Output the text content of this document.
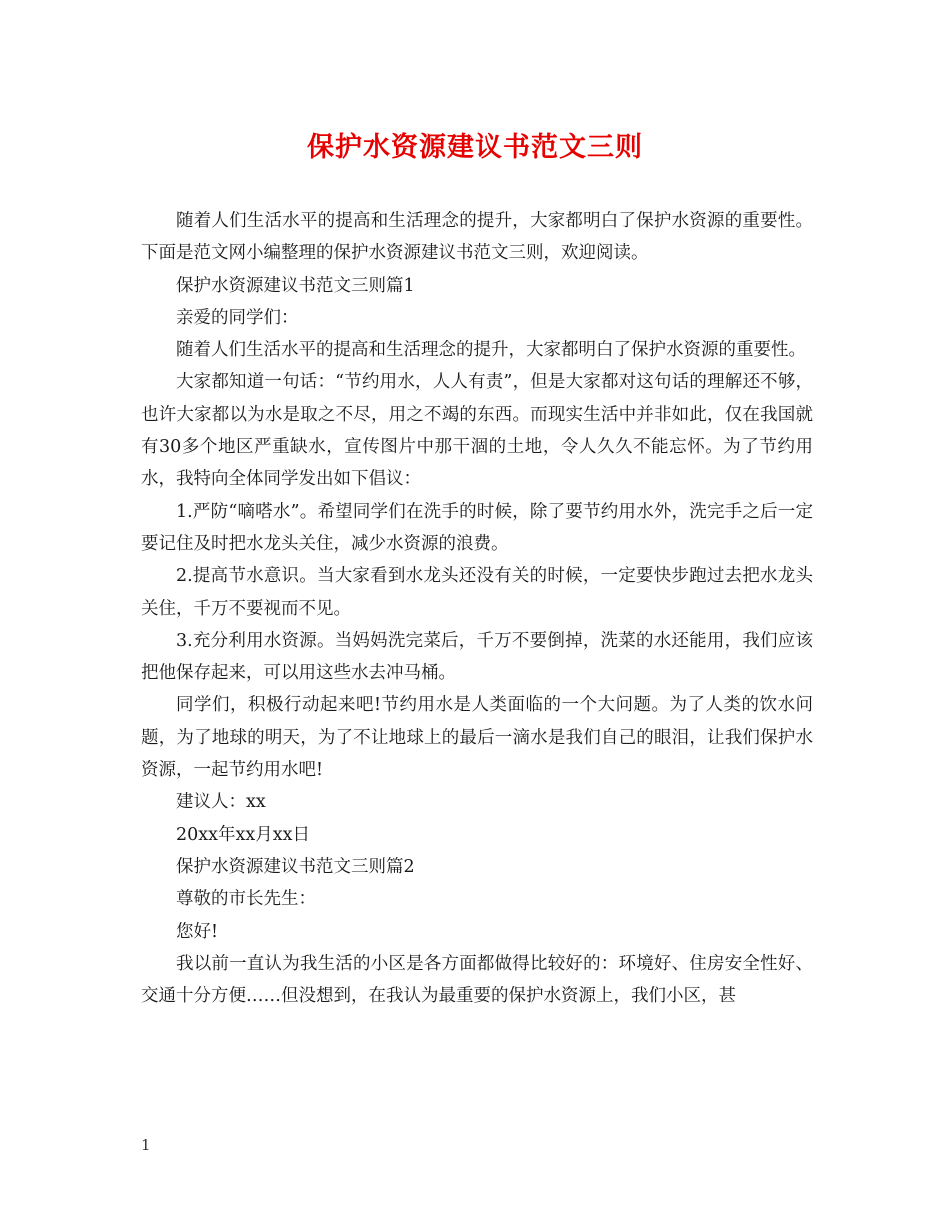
保护水资源建议书范文三则

随着人们生活水平的提高和生活理念的提升，大家都明白了保护水资源的重要性。下面是范文网小编整理的保护水资源建议书范文三则，欢迎阅读。

保护水资源建议书范文三则篇1

亲爱的同学们：

随着人们生活水平的提高和生活理念的提升，大家都明白了保护水资源的重要性。

大家都知道一句话：“节约用水，人人有责”，但是大家都对这句话的理解还不够，也许大家都以为水是取之不尽，用之不竭的东西。而现实生活中并非如此，仅在我国就有30多个地区严重缺水，宣传图片中那干涸的土地，令人久久不能忘怀。为了节约用水，我特向全体同学发出如下倡议：

1.严防“嘀嗒水”。希望同学们在洗手的时候，除了要节约用水外，洗完手之后一定要记住及时把水龙头关住，减少水资源的浪费。

2.提高节水意识。当大家看到水龙头还没有关的时候，一定要快步跑过去把水龙头关住，千万不要视而不见。

3.充分利用水资源。当妈妈洗完菜后，千万不要倒掉，洗菜的水还能用，我们应该把他保存起来，可以用这些水去冲马桶。

同学们，积极行动起来吧!节约用水是人类面临的一个大问题。为了人类的饮水问题，为了地球的明天，为了不让地球上的最后一滴水是我们自己的眼泪，让我们保护水资源，一起节约用水吧!

建议人：xx

20xx年xx月xx日

保护水资源建议书范文三则篇2

尊敬的市长先生：

您好!

我以前一直认为我生活的小区是各方面都做得比较好的：环境好、住房安全性好、交通十分方便……但没想到，在我认为最重要的保护水资源上，我们小区，甚

1
